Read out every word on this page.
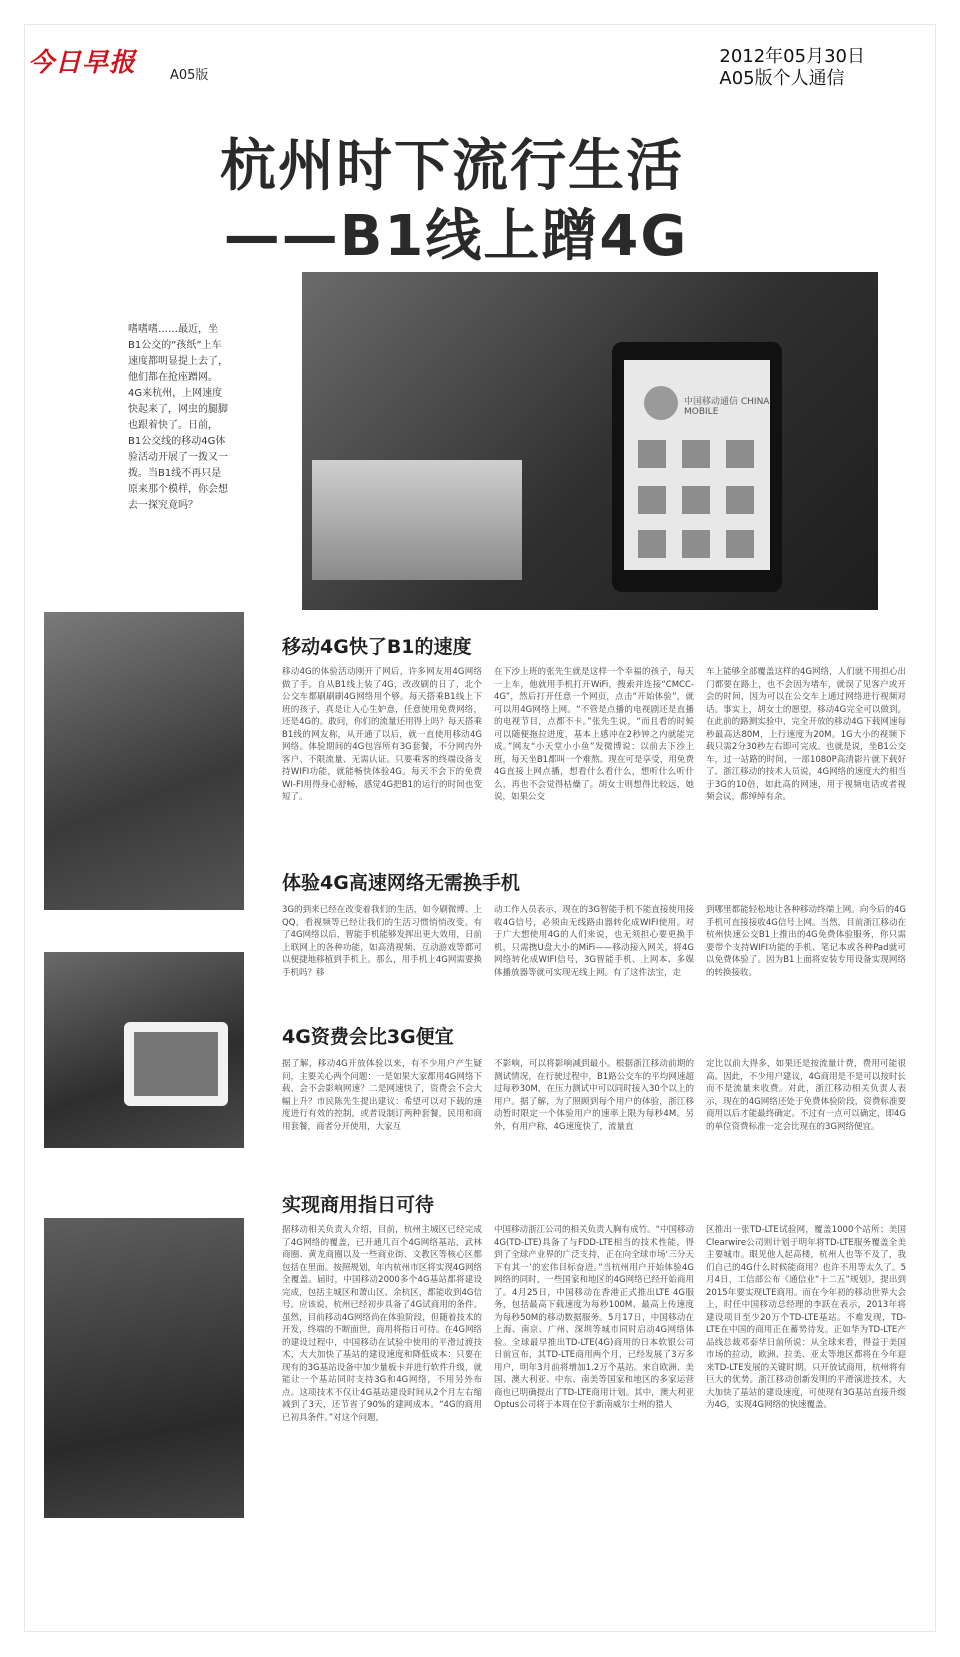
今日早报	A05版
2012年05月30日
A05版个人通信
杭州时下流行生活
——B1线上蹭4G
中国移动通信 CHINA MOBILE
嗜嗜嗜……最近，坐B1公交的“孩纸”上车速度都明显提上去了，他们都在抢座蹭网。4G来杭州，上网速度快起来了，网虫的腿脚也跟着快了。日前，B1公交线的移动4G体验活动开展了一拨又一拨。当B1线不再只是原来那个模样，你会想去一探究竟吗？
移动4G快了B1的速度
移动4G的体验活动刚开了网后，许多网友用4G网络做了手。自从B1线上装了4G，改改刷的日了，北个公交车都刷刷刷4G网络用个够。每天搭乘B1线上下班的孩子，真是让人心生妒意，任意使用免费网络，还是4G的。敢问，你们的流量还用得上吗？每天搭乘B1线的网友称，从开通了以后，就一直使用移动4G网络。体验期间的4G包容所有3G套餐，不分网内外客户、不限流量、无需认证。只要乘客的终端设备支持WIFI功能，就能畅快体验4G。每天不会下的免费WI-FI用得身心舒畅，感觉4G把B1的运行的时间也变短了。
在下沙上班的张先生就是这样一个幸福的孩子，每天一上车，他就用手机打开WiFi，搜索并连接“CMCC-4G”，然后打开任意一个网页，点击“开始体验”，就可以用4G网络上网。“不管是点播的电视剧还是直播的电视节目，点都不卡。”张先生说，“而且看的时候可以随便拖拉进度，基本上感冲在2秒钟之内就能完成。”网友“小天堂小小鱼”发微博说：以前去下沙上班，每天坐B1都叫一个难熬。现在可是享受，用免费4G直接上网点播，想看什么看什么，想听什么听什么，再也不会觉得枯燥了。胡女士则想得比较远，她说，如果公交
车上能够全部覆盖这样的4G网络，人们就不用担心出门都要在路上，也不会因为堵车，就误了见客户或开会的时间，因为可以在公交车上通过网络进行视频对话。事实上，胡女士的愿望，移动4G完全可以做到。在此前的路测实验中，完全开放的移动4G下载网速每秒最高达80M，上行速度为20M。1G大小的视频下载只需2分30秒左右即可完成。也就是说，坐B1公交车，过一站路的时间，一部1080P高清影片就下载好了。浙江移动的技术人员说，4G网络的速度大约相当于3G的10倍，如此高的网速，用于视频电话或者视频会议，都绰绰有余。
体验4G高速网络无需换手机
3G的到来已经在改变着我们的生活，如今刷微博、上QQ，看视频等已经让我们的生活习惯悄悄改变。有了4G网络以后，智能手机能够发挥出更大效用，日前上联网上的各种功能，如高清视频、互动游戏等都可以便捷地移植到手机上。那么，用手机上4G网需要换手机吗？移
动工作人员表示，现在的3G智能手机不能直接使用接收4G信号，必须由无线路由器转化成WIFI使用。对于广大想使用4G的人们来说，也无须担心要更换手机，只需携U盘大小的MiFi——移动接入网关，将4G网络转化成WIFI信号，3G智能手机、上网本、多媒体播放器等就可实现无线上网。有了这件法宝，走
到哪里都能轻松地让各种移动终端上网。向今后的4G手机可直接接收4G信号上网。当然，目前浙江移动在杭州快速公交B1上推出的4G免费体验服务，你只需要带个支持WIFI功能的手机、笔记本或各种Pad就可以免费体验了。因为B1上面将安装专用设备实现网络的转换接收。
4G资费会比3G便宜
据了解，移动4G开放体验以来，有不少用户产生疑问，主要关心两个问题：一是如果大家都用4G网络下载，会不会影响网速？二是网速快了，资费会不会大幅上升？市民陈先生提出建议：希望可以对下载的速度进行有效的控制，或者设制订两种套餐，民用和商用套餐，商者分开使用，大家互
不影响，可以将影响减到最小。根据浙江移动前期的测试情况，在行驶过程中，B1路公交车的平均网速超过每秒30M，在压力测试中可以同时接入30个以上的用户。据了解，为了照顾到每个用户的体验，浙江移动暂时限定一个体验用户的速率上限为每秒4M。另外，有用户称，4G速度快了，流量直
定比以前大得多，如果还是按流量计费，费用可能很高。因此，不少用户建议，4G商用是不是可以按时长而不是流量来收费。对此，浙江移动相关负责人表示，现在的4G网络还处于免费体验阶段，资费标准要商用以后才能最终确定。不过有一点可以确定，即4G的单位资费标准一定会比现在的3G网络便宜。
实现商用指日可待
据移动相关负责人介绍，目前，杭州主城区已经完成了4G网络的覆盖，已开通几百个4G网络基站，武林商圈、黄龙商圈以及一些商业街、文教区等核心区都包括在里面。按照规划，年内杭州市区将实现4G网络全覆盖。届时，中国移动2000多个4G基站都将建设完成，包括主城区和萧山区、余杭区，都能收到4G信号。应该说，杭州已经初步具备了4G试商用的条件。虽然，目前移动4G网络尚在体验阶段，但随着技术的开发，终端的不断面世，商用将指日可待。在4G网络的建设过程中，中国移动在试验中使用的平滑过渡技术，大大加快了基站的建设速度和降低成本：只要在现有的3G基站设备中加少量板卡并进行软件升级，就能让一个基站同时支持3G和4G网络，不用另外布点。这项技术不仅让4G基站建设时间从2个月左右缩减到了3天，还节省了90%的建网成本。“4G的商用已初具条件。”对这个问题，
中国移动浙江公司的相关负责人胸有成竹。“中国移动4G(TD-LTE)具备了与FDD-LTE相当的技术性能，得到了全球产业界的广泛支持，正在向全球市场‘三分天下有其一’的宏伟目标奋进。”当杭州用户开始体验4G网络的同时，一些国家和地区的4G网络已经开始商用了。4月25日，中国移动在香港正式推出LTE 4G服务，包括最高下载速度为每秒100M、最高上传速度为每秒50M的移动数据服务。5月17日，中国移动在上海、南京、广州、深圳等城市同时启动4G网络体验。全球最早推出TD-LTE(4G)商用的日本软银公司日前宣布，其TD-LTE商用两个月，已经发展了3万多用户，明年3月前将增加1.2万个基站。来自欧洲、美国、澳大利亚、中东、南美等国家和地区的多家运营商也已明确提出了TD-LTE商用计划。其中，澳大利亚Optus公司将于本周在位于新南威尔士州的猎人
区推出一张TD-LTE试验网，覆盖1000个站所；美国Clearwire公司则计划于明年将TD-LTE服务覆盖全美主要城市。眼见他人起高楼，杭州人也等不及了，我们自己的4G什么时候能商用？也许不用等太久了。5月4日，工信部公布《通信业“十二五”规划》，提出到2015年要实现LTE商用。而在今年初的移动世界大会上，时任中国移动总经理的李跃在表示，2013年将建设项目至少20万个TD-LTE基站。不难发现，TD-LTE在中国的商用正在蓄势待发。正如华为TD-LTE产品线总裁邓泰华日前所说：从全球来看，得益于美国市场的拉动，欧洲、拉美、亚太等地区都将在今年迎来TD-LTE发展的关键时期。只开放试商用，杭州将有巨大的优势。浙江移动创新发明的平滑演进技术，大大加快了基站的建设速度，可使现有3G基站直接升级为4G，实现4G网络的快速覆盖。
